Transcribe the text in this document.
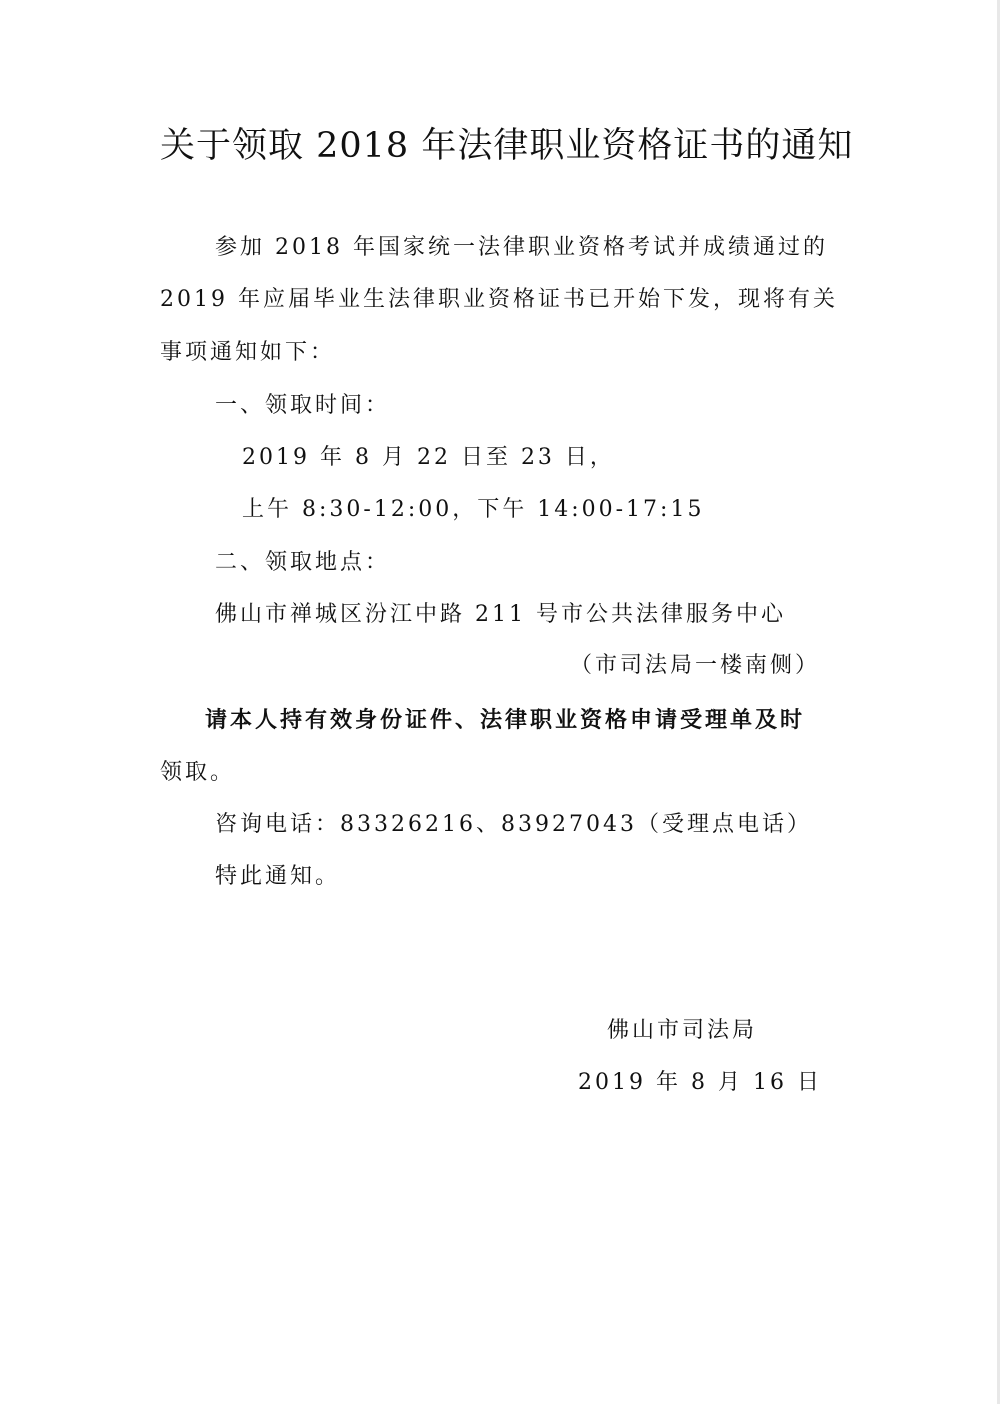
关于领取 2018 年法律职业资格证书的通知
参加 2018 年国家统一法律职业资格考试并成绩通过的
2019 年应届毕业生法律职业资格证书已开始下发，现将有关
事项通知如下：
一、领取时间：
2019 年 8 月 22 日至 23 日，
上午 8:30-12:00，下午 14:00-17:15
二、领取地点：
佛山市禅城区汾江中路 211 号市公共法律服务中心
（市司法局一楼南侧）
请本人持有效身份证件、法律职业资格申请受理单及时
领取。
咨询电话：83326216、83927043（受理点电话）
特此通知。
佛山市司法局
2019 年 8 月 16 日
